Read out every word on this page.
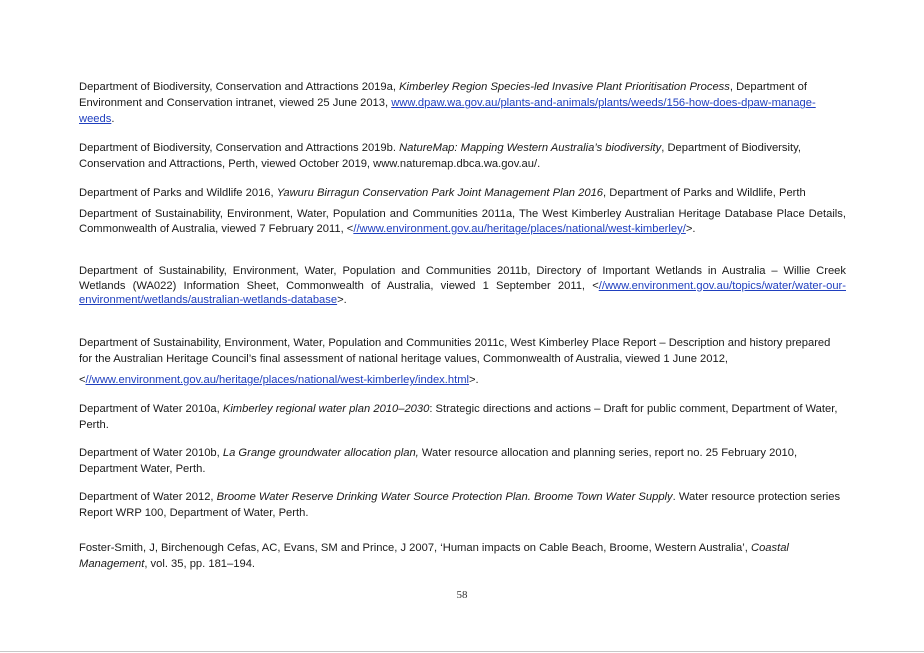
Department of Biodiversity, Conservation and Attractions 2019a, Kimberley Region Species-led Invasive Plant Prioritisation Process, Department of Environment and Conservation intranet, viewed 25 June 2013, www.dpaw.wa.gov.au/plants-and-animals/plants/weeds/156-how-does-dpaw-manage-weeds.

Department of Biodiversity, Conservation and Attractions 2019b. NatureMap: Mapping Western Australia’s biodiversity, Department of Biodiversity, Conservation and Attractions, Perth, viewed October 2019, www.naturemap.dbca.wa.gov.au/.

Department of Parks and Wildlife 2016, Yawuru Birragun Conservation Park Joint Management Plan 2016, Department of Parks and Wildlife, Perth

Department of Sustainability, Environment, Water, Population and Communities 2011a, The West Kimberley Australian Heritage Database Place Details, Commonwealth of Australia, viewed 7 February 2011, <//www.environment.gov.au/heritage/places/national/west-kimberley/>.

Department of Sustainability, Environment, Water, Population and Communities 2011b, Directory of Important Wetlands in Australia – Willie Creek Wetlands (WA022) Information Sheet, Commonwealth of Australia, viewed 1 September 2011, <//www.environment.gov.au/topics/water/water-our-environment/wetlands/australian-wetlands-database>.

Department of Sustainability, Environment, Water, Population and Communities 2011c, West Kimberley Place Report – Description and history prepared for the Australian Heritage Council’s final assessment of national heritage values, Commonwealth of Australia, viewed 1 June 2012,

<//www.environment.gov.au/heritage/places/national/west-kimberley/index.html>.

Department of Water 2010a, Kimberley regional water plan 2010–2030: Strategic directions and actions – Draft for public comment, Department of Water, Perth.

Department of Water 2010b, La Grange groundwater allocation plan, Water resource allocation and planning series, report no. 25 February 2010, Department Water, Perth.

Department of Water 2012, Broome Water Reserve Drinking Water Source Protection Plan. Broome Town Water Supply. Water resource protection series Report WRP 100, Department of Water, Perth.

Foster-Smith, J, Birchenough Cefas, AC, Evans, SM and Prince, J 2007, ‘Human impacts on Cable Beach, Broome, Western Australia’, Coastal Management, vol. 35, pp. 181–194.

58
